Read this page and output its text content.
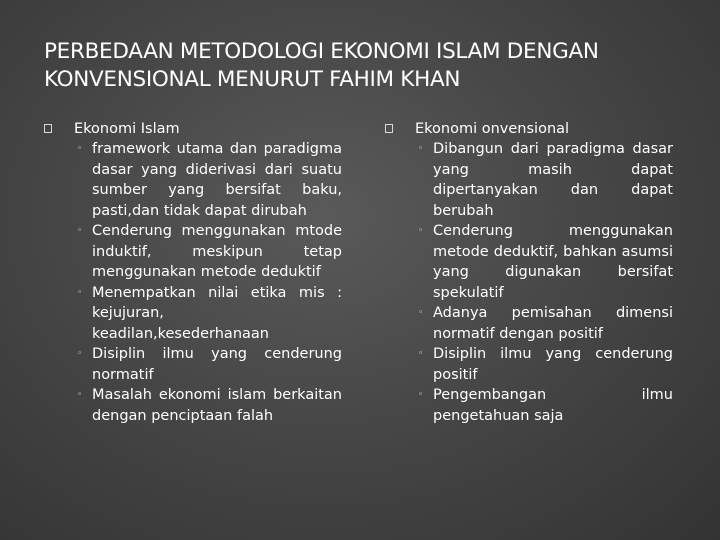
PERBEDAAN METODOLOGI EKONOMI ISLAM DENGAN
KONVENSIONAL MENURUT FAHIM KHAN
Ekonomi Islam
◦ framework utama dan paradigma dasar yang diderivasi dari suatu sumber yang bersifat baku, pasti,dan tidak dapat dirubah
◦ Cenderung menggunakan mtode induktif, meskipun tetap menggunakan metode deduktif
◦ Menempatkan nilai etika mis : kejujuran, keadilan,kesederhanaan
◦ Disiplin ilmu yang cenderung normatif
◦ Masalah ekonomi islam berkaitan dengan penciptaan falah
Ekonomi onvensional
◦ Dibangun dari paradigma dasar yang masih dapat dipertanyakan dan dapat berubah
◦ Cenderung menggunakan metode deduktif, bahkan asumsi yang digunakan bersifat spekulatif
◦ Adanya pemisahan dimensi normatif dengan positif
◦ Disiplin ilmu yang cenderung positif
◦ Pengembangan ilmu pengetahuan saja
